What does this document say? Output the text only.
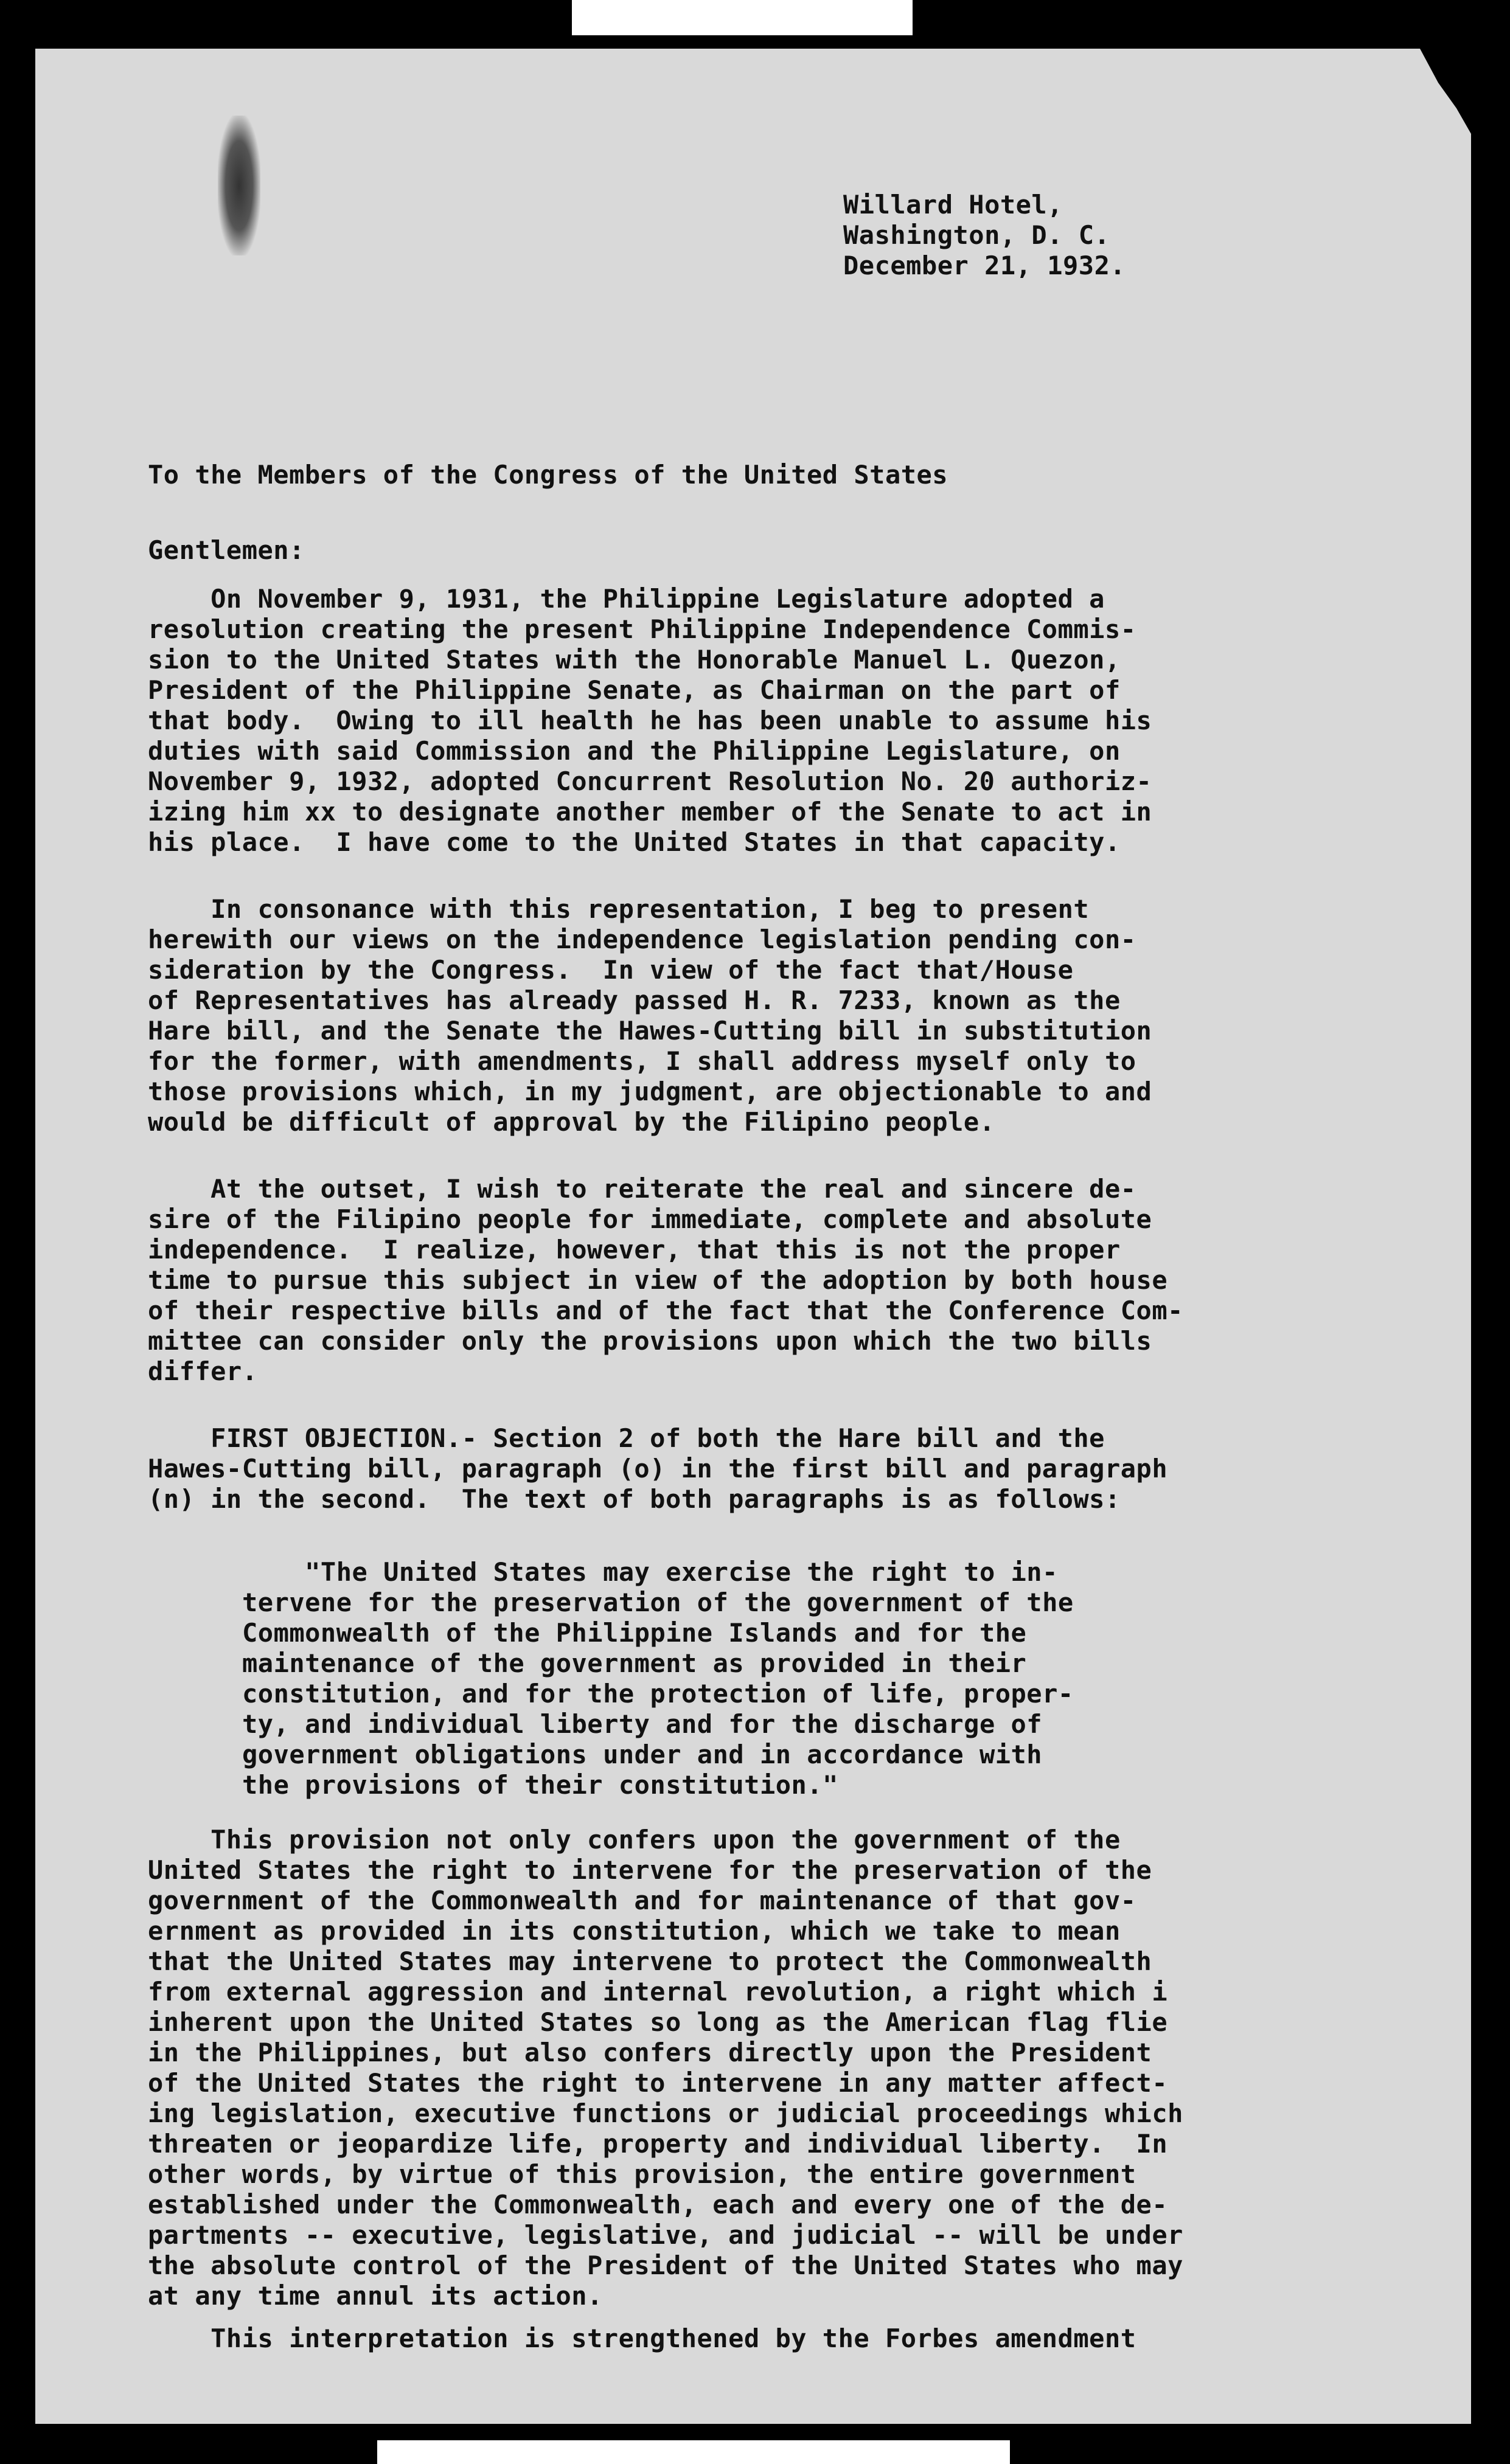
Willard Hotel,
Washington, D. C.
December 21, 1932.
To the Members of the Congress of the United States
Gentlemen:
On November 9, 1931, the Philippine Legislature adopted a
resolution creating the present Philippine Independence Commis-
sion to the United States with the Honorable Manuel L. Quezon,
President of the Philippine Senate, as Chairman on the part of
that body.  Owing to ill health he has been unable to assume his
duties with said Commission and the Philippine Legislature, on
November 9, 1932, adopted Concurrent Resolution No. 20 authoriz-
izing him xx to designate another member of the Senate to act in
his place.  I have come to the United States in that capacity.
In consonance with this representation, I beg to present
herewith our views on the independence legislation pending con-
sideration by the Congress.  In view of the fact that/House
of Representatives has already passed H. R. 7233, known as the
Hare bill, and the Senate the Hawes-Cutting bill in substitution
for the former, with amendments, I shall address myself only to
those provisions which, in my judgment, are objectionable to and
would be difficult of approval by the Filipino people.
At the outset, I wish to reiterate the real and sincere de-
sire of the Filipino people for immediate, complete and absolute
independence.  I realize, however, that this is not the proper
time to pursue this subject in view of the adoption by both house
of their respective bills and of the fact that the Conference Com-
mittee can consider only the provisions upon which the two bills
differ.
FIRST OBJECTION.- Section 2 of both the Hare bill and the
Hawes-Cutting bill, paragraph (o) in the first bill and paragraph
(n) in the second.  The text of both paragraphs is as follows:
"The United States may exercise the right to in-
tervene for the preservation of the government of the
Commonwealth of the Philippine Islands and for the
maintenance of the government as provided in their
constitution, and for the protection of life, proper-
ty, and individual liberty and for the discharge of
government obligations under and in accordance with
the provisions of their constitution."
This provision not only confers upon the government of the
United States the right to intervene for the preservation of the
government of the Commonwealth and for maintenance of that gov-
ernment as provided in its constitution, which we take to mean
that the United States may intervene to protect the Commonwealth
from external aggression and internal revolution, a right which i
inherent upon the United States so long as the American flag flie
in the Philippines, but also confers directly upon the President
of the United States the right to intervene in any matter affect-
ing legislation, executive functions or judicial proceedings which
threaten or jeopardize life, property and individual liberty.  In
other words, by virtue of this provision, the entire government
established under the Commonwealth, each and every one of the de-
partments -- executive, legislative, and judicial -- will be under
the absolute control of the President of the United States who may
at any time annul its action.
This interpretation is strengthened by the Forbes amendment
